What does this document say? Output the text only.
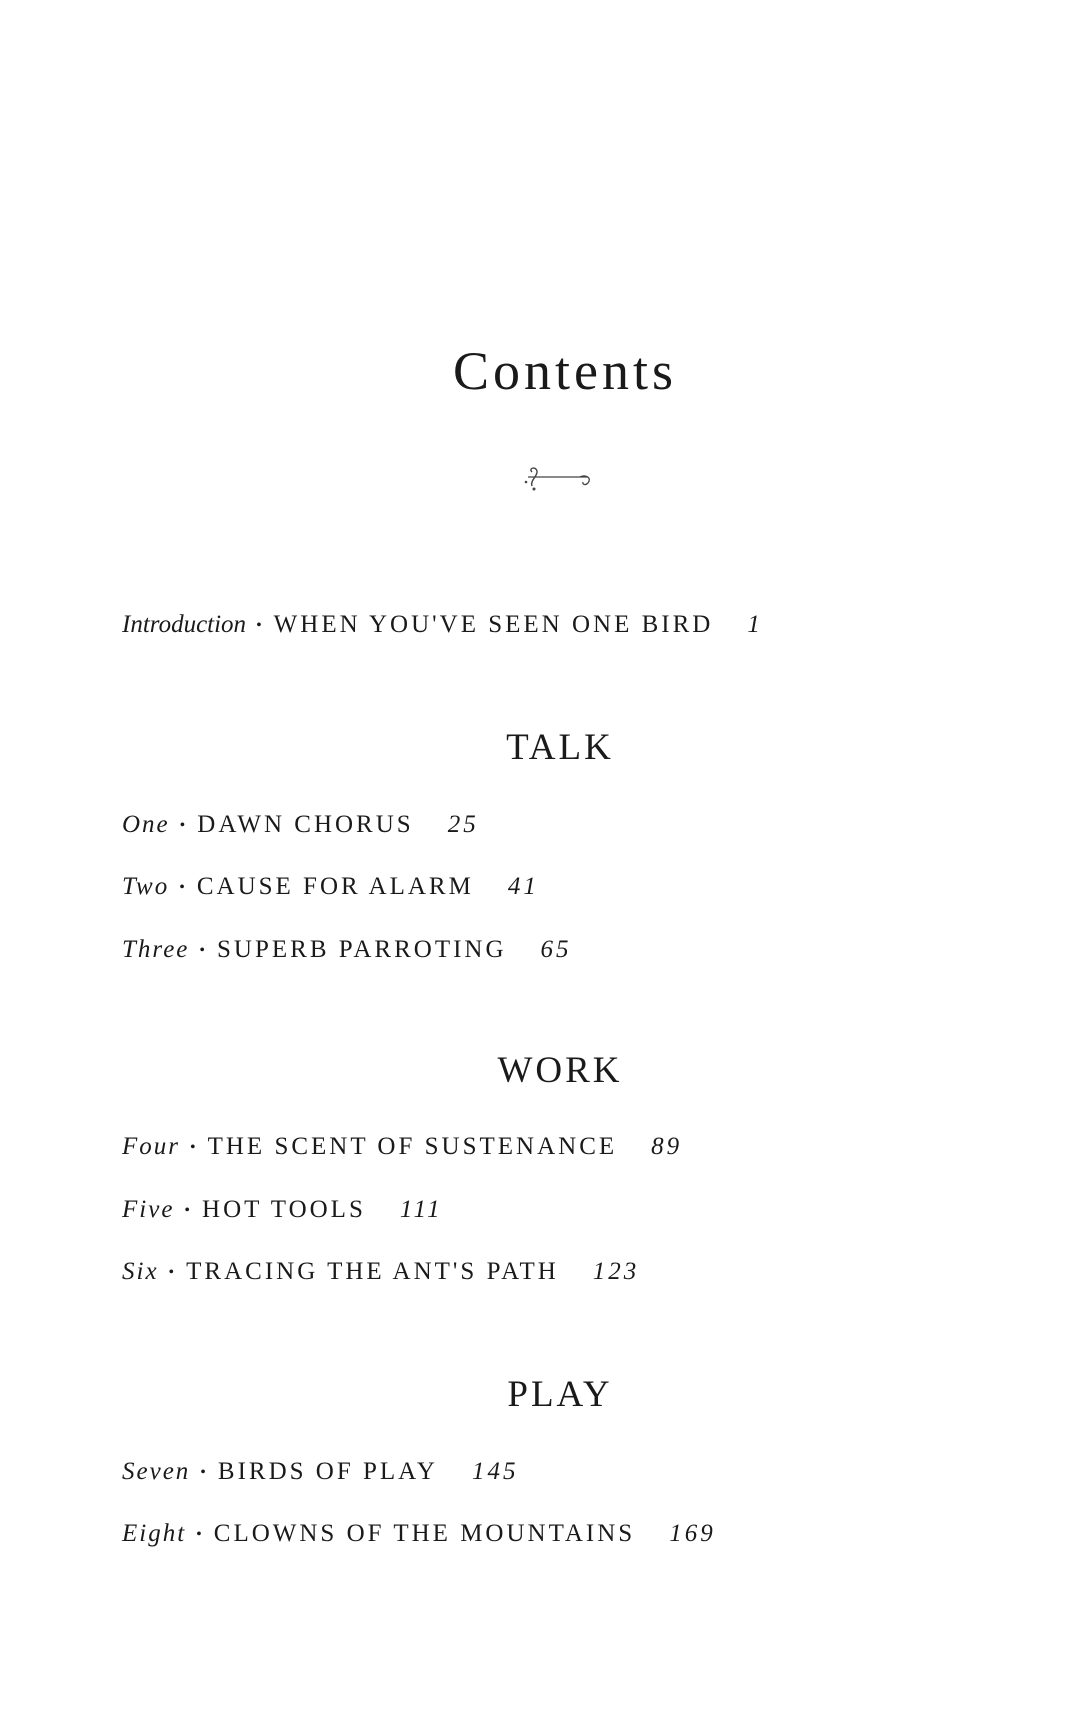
Contents
Introduction • WHEN YOU'VE SEEN ONE BIRD 1
TALK
One • DAWN CHORUS 25
Two • CAUSE FOR ALARM 41
Three • SUPERB PARROTING 65
WORK
Four • THE SCENT OF SUSTENANCE 89
Five • HOT TOOLS 111
Six • TRACING THE ANT'S PATH 123
PLAY
Seven • BIRDS OF PLAY 145
Eight • CLOWNS OF THE MOUNTAINS 169
